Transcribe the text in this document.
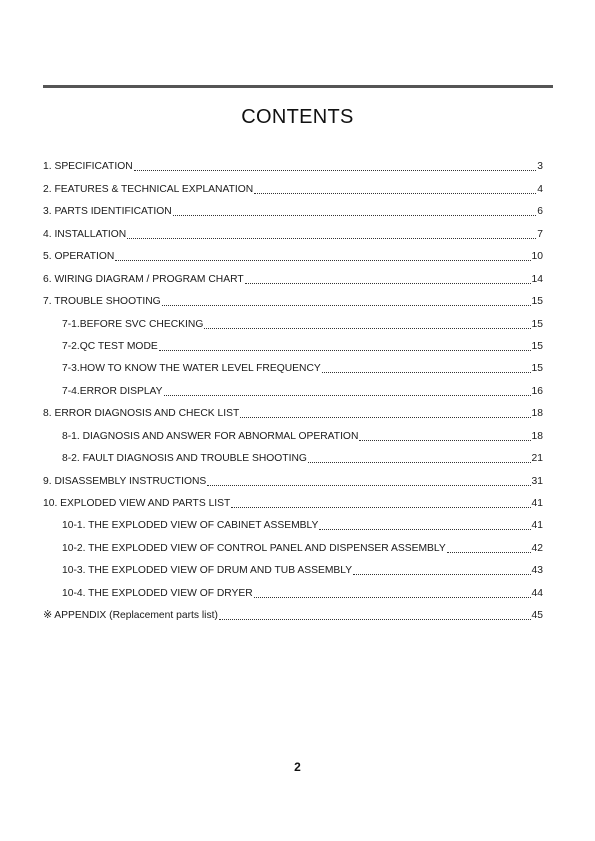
CONTENTS
1. SPECIFICATION	3
2. FEATURES & TECHNICAL EXPLANATION	4
3. PARTS IDENTIFICATION	6
4. INSTALLATION	7
5. OPERATION	10
6. WIRING DIAGRAM / PROGRAM CHART	14
7. TROUBLE SHOOTING	15
7-1.BEFORE SVC CHECKING	15
7-2.QC TEST MODE	15
7-3.HOW TO KNOW THE WATER LEVEL FREQUENCY	15
7-4.ERROR DISPLAY	16
8. ERROR DIAGNOSIS AND CHECK LIST	18
8-1. DIAGNOSIS AND ANSWER FOR ABNORMAL OPERATION	18
8-2. FAULT DIAGNOSIS AND TROUBLE SHOOTING	21
9. DISASSEMBLY INSTRUCTIONS	31
10. EXPLODED VIEW AND PARTS LIST	41
10-1. THE EXPLODED VIEW OF CABINET ASSEMBLY	41
10-2. THE EXPLODED VIEW OF CONTROL PANEL AND DISPENSER ASSEMBLY	42
10-3. THE EXPLODED VIEW OF DRUM AND TUB ASSEMBLY	43
10-4. THE EXPLODED VIEW OF DRYER	44
※ APPENDIX (Replacement parts list)	45
2
